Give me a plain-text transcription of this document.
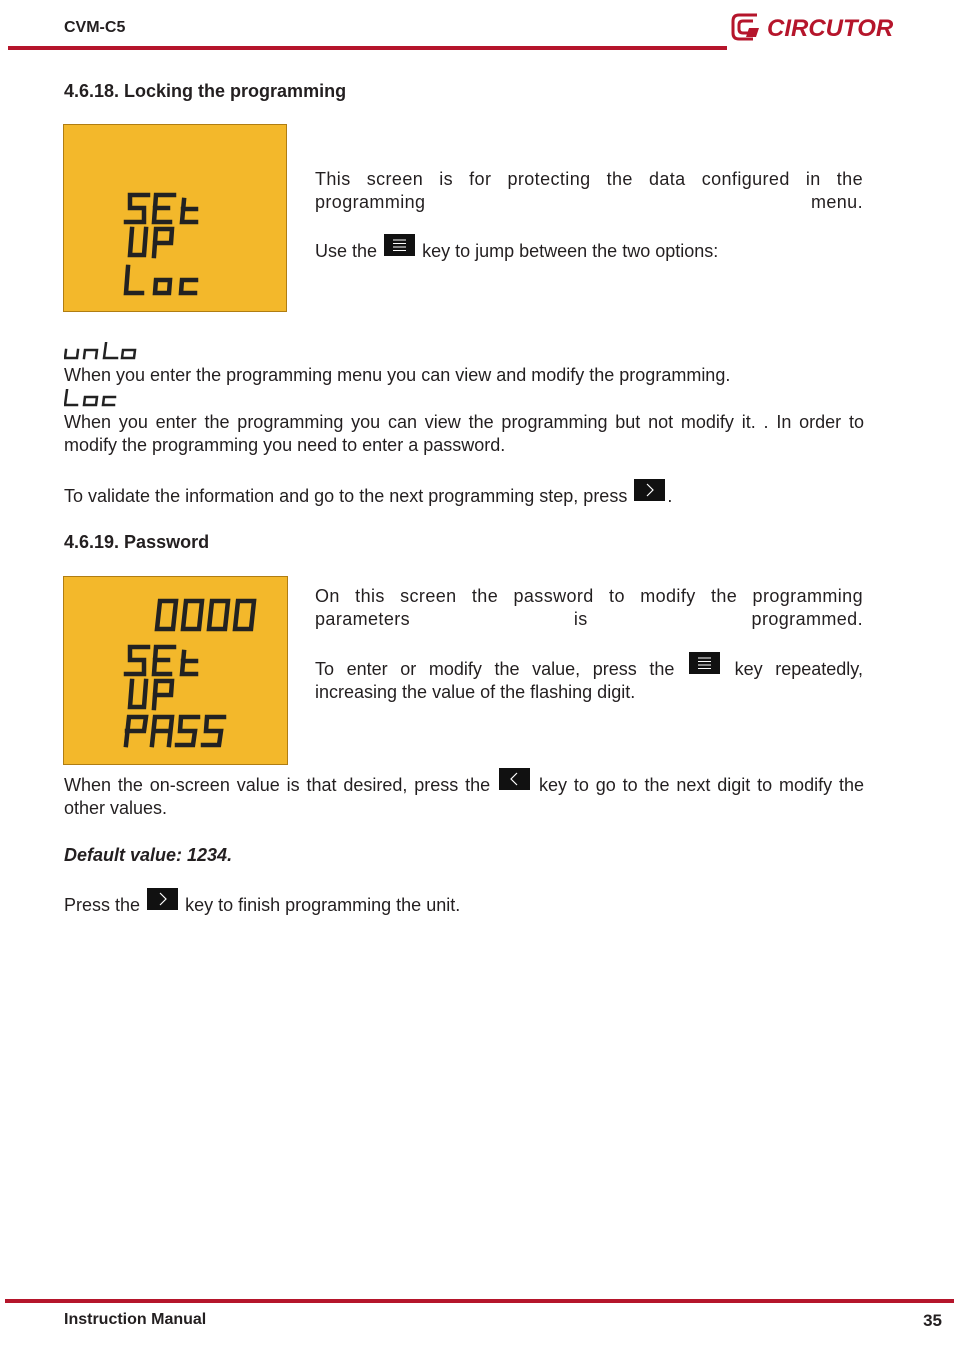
CVM-C5	CIRCUTOR
4.6.18. Locking the programming
This screen is for protecting the data configured in the programming menu.
Use the	key to jump between the two options:
When you enter the programming menu you can view and modify the programming.
When you enter the programming you can view the programming but not modify it. . In order to modify the programming you need to enter a password.
To validate the information and go to the next programming step, press .
4.6.19. Password
On this screen the password to modify the programming parameters is programmed.
To enter or modify the value, press the	key repeatedly, increasing the value of the flashing digit.
When the on-screen value is that desired, press the	key to go to the next digit to modify the other values.
Default value: 1234.
Press the	key to finish programming the unit.
Instruction Manual	35
